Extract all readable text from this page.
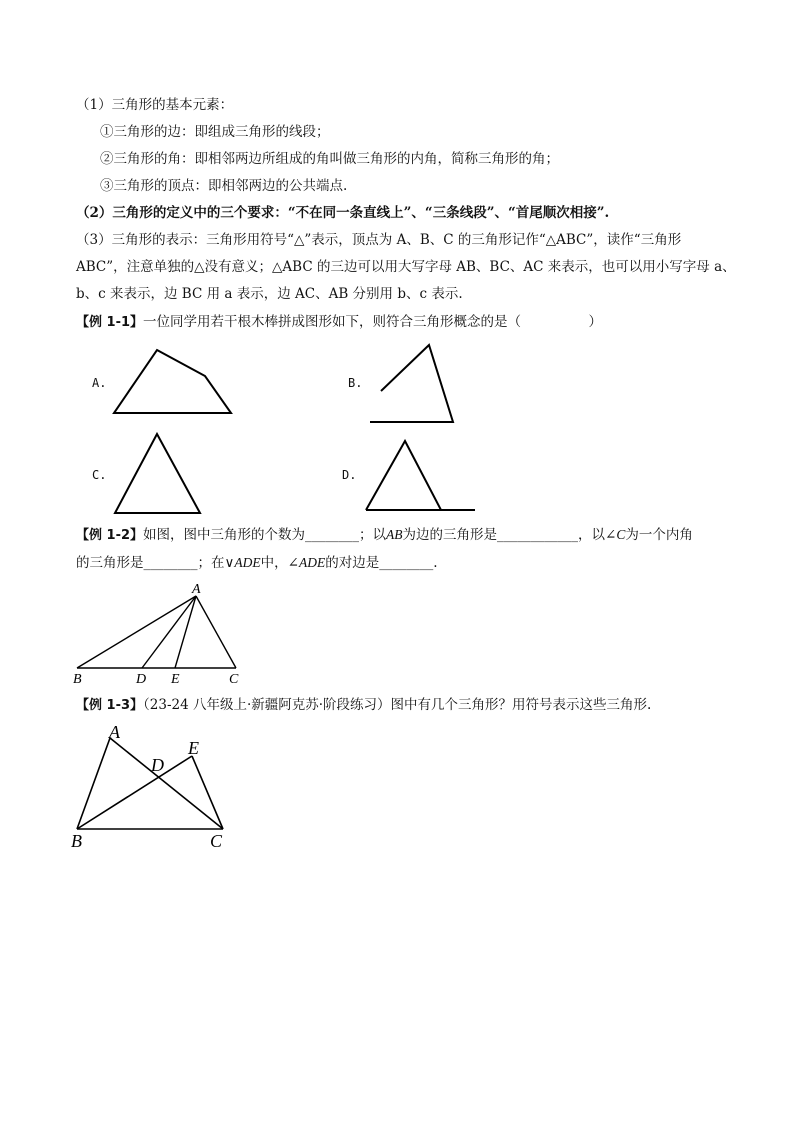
（1）三角形的基本元素：
①三角形的边：即组成三角形的线段；
②三角形的角：即相邻两边所组成的角叫做三角形的内角，简称三角形的角；
③三角形的顶点：即相邻两边的公共端点.
（2）三角形的定义中的三个要求：“不在同一条直线上”、“三条线段”、“首尾顺次相接”.
（3）三角形的表示：三角形用符号“△”表示，顶点为 A、B、C 的三角形记作“△ABC”，读作“三角形
ABC”，注意单独的△没有意义；△ABC 的三边可以用大写字母 AB、BC、AC 来表示，也可以用小写字母 a、
b、c 来表示，边 BC 用 a 表示，边 AC、AB 分别用 b、c 表示.
【例 1-1】一位同学用若干根木棒拼成图形如下，则符合三角形概念的是（　　　　　）
A.	B.
C.	D.
A
B	D E	C
A
D
E
B	C
【例 1-2】如图，图中三角形的个数为________；以AB为边的三角形是____________，以∠C为一个内角
的三角形是________；在∨ADE中，∠ADE的对边是________.
【例 1-3】（23-24 八年级上·新疆阿克苏·阶段练习）图中有几个三角形？用符号表示这些三角形.
